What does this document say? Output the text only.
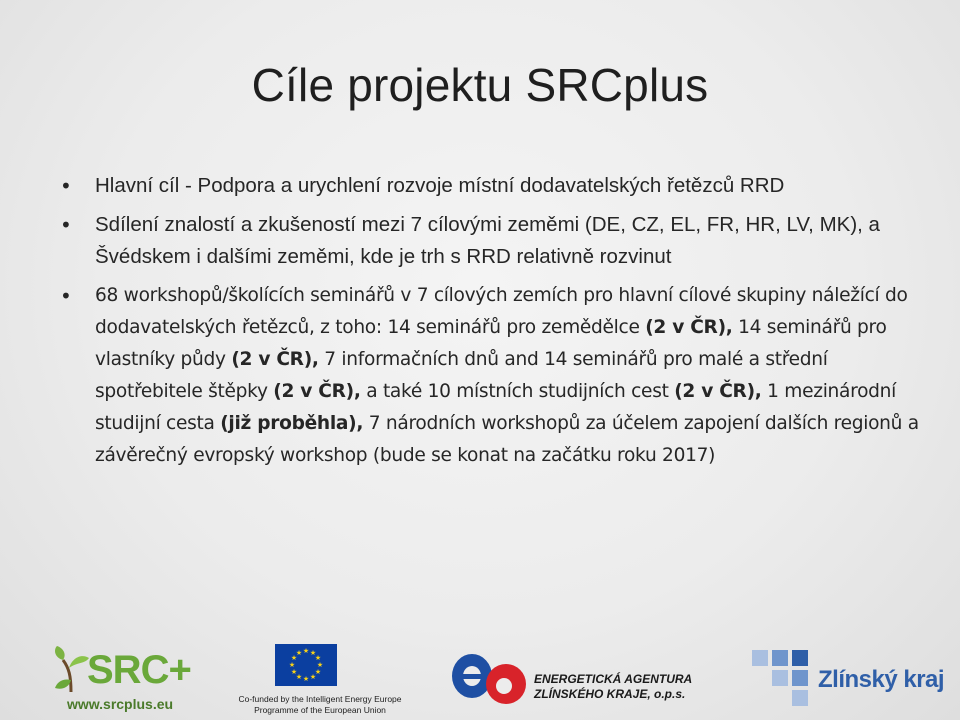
Cíle projektu SRCplus
• Hlavní cíl - Podpora a urychlení rozvoje místní dodavatelských řetězců RRD
• Sdílení znalostí a zkušeností mezi 7 cílovými zeměmi (DE, CZ, EL, FR, HR, LV, MK), a Švédskem i dalšími zeměmi, kde je trh s RRD relativně rozvinut
• 68 workshopů/školících seminářů v 7 cílových zemích pro hlavní cílové skupiny náležící do dodavatelských řetězců, z toho: 14 seminářů pro zemědělce (2 v ČR), 14 seminářů pro vlastníky půdy (2 v ČR), 7 informačních dnů and 14 seminářů pro malé a střední spotřebitele štěpky (2 v ČR), a také 10 místních studijních cest (2 v ČR), 1 mezinárodní studijní cesta (již proběhla), 7 národních workshopů za účelem zapojení dalších regionů a závěrečný evropský workshop (bude se konat na začátku roku 2017)
SRC+
www.srcplus.eu
★ ★
★
★
★
★
★
★
★
★
★
★
Co-funded by the Intelligent Energy Europe
Programme of the European Union
ENERGETICKÁ AGENTURA
ZLÍNSKÉHO KRAJE, o.p.s.
Zlínský kraj
